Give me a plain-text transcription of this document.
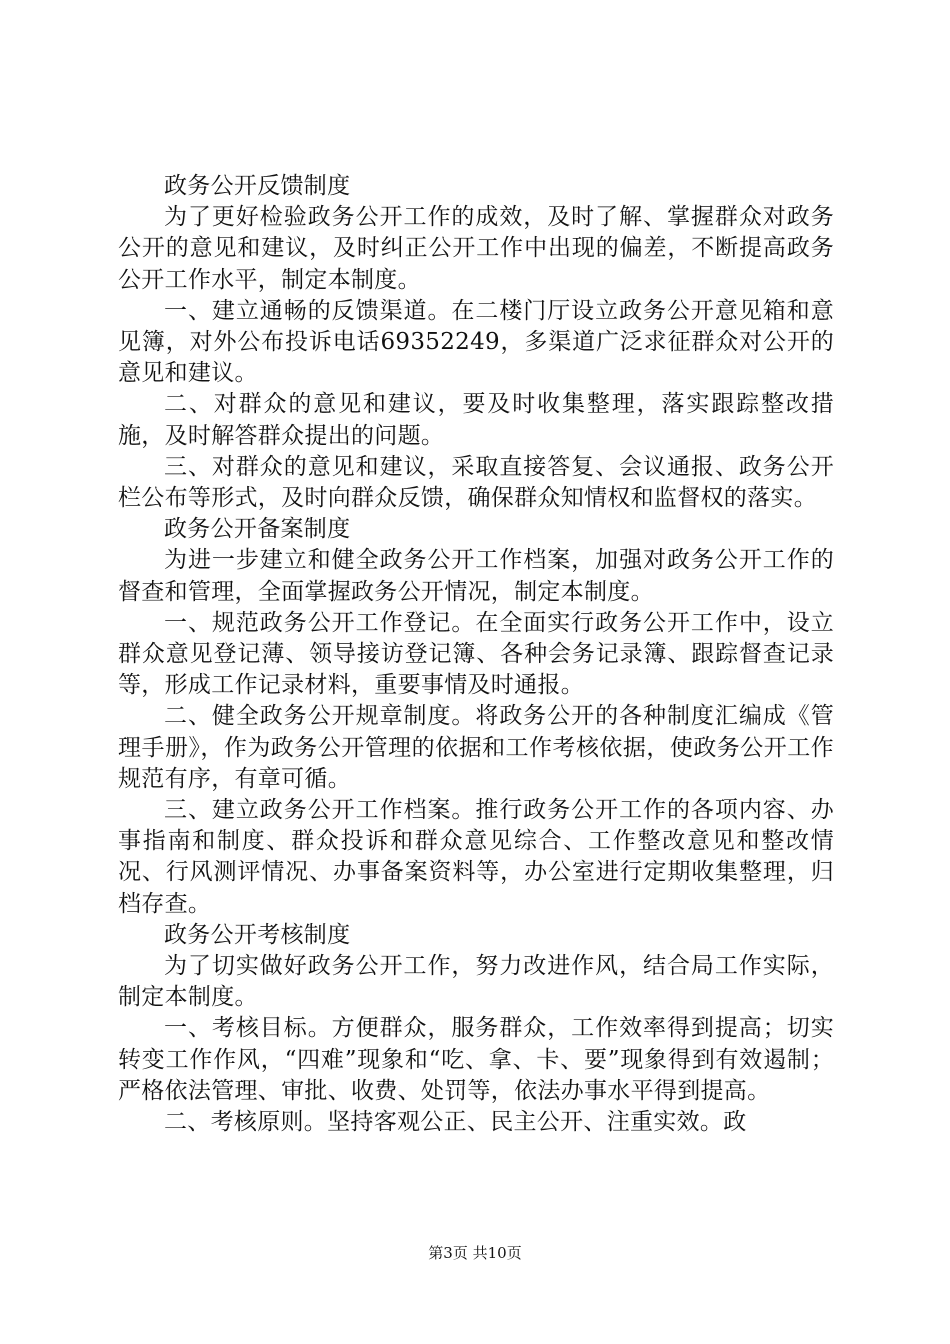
政务公开反馈制度

为了更好检验政务公开工作的成效，及时了解、掌握群众对政务公开的意见和建议，及时纠正公开工作中出现的偏差，不断提高政务公开工作水平，制定本制度。

一、建立通畅的反馈渠道。在二楼门厅设立政务公开意见箱和意见簿，对外公布投诉电话69352249，多渠道广泛求征群众对公开的意见和建议。

二、对群众的意见和建议，要及时收集整理，落实跟踪整改措施，及时解答群众提出的问题。

三、对群众的意见和建议，采取直接答复、会议通报、政务公开栏公布等形式，及时向群众反馈，确保群众知情权和监督权的落实。

政务公开备案制度

为进一步建立和健全政务公开工作档案，加强对政务公开工作的督查和管理，全面掌握政务公开情况，制定本制度。

一、规范政务公开工作登记。在全面实行政务公开工作中，设立群众意见登记薄、领导接访登记簿、各种会务记录簿、跟踪督查记录等，形成工作记录材料，重要事情及时通报。

二、健全政务公开规章制度。将政务公开的各种制度汇编成《管理手册》，作为政务公开管理的依据和工作考核依据，使政务公开工作规范有序，有章可循。

三、建立政务公开工作档案。推行政务公开工作的各项内容、办事指南和制度、群众投诉和群众意见综合、工作整改意见和整改情况、行风测评情况、办事备案资料等，办公室进行定期收集整理，归档存查。

政务公开考核制度

为了切实做好政务公开工作，努力改进作风，结合局工作实际，制定本制度。

一、考核目标。方便群众，服务群众，工作效率得到提高；切实转变工作作风，“四难”现象和“吃、拿、卡、要”现象得到有效遏制；严格依法管理、审批、收费、处罚等，依法办事水平得到提高。

二、考核原则。坚持客观公正、民主公开、注重实效。政

第3页 共10页
